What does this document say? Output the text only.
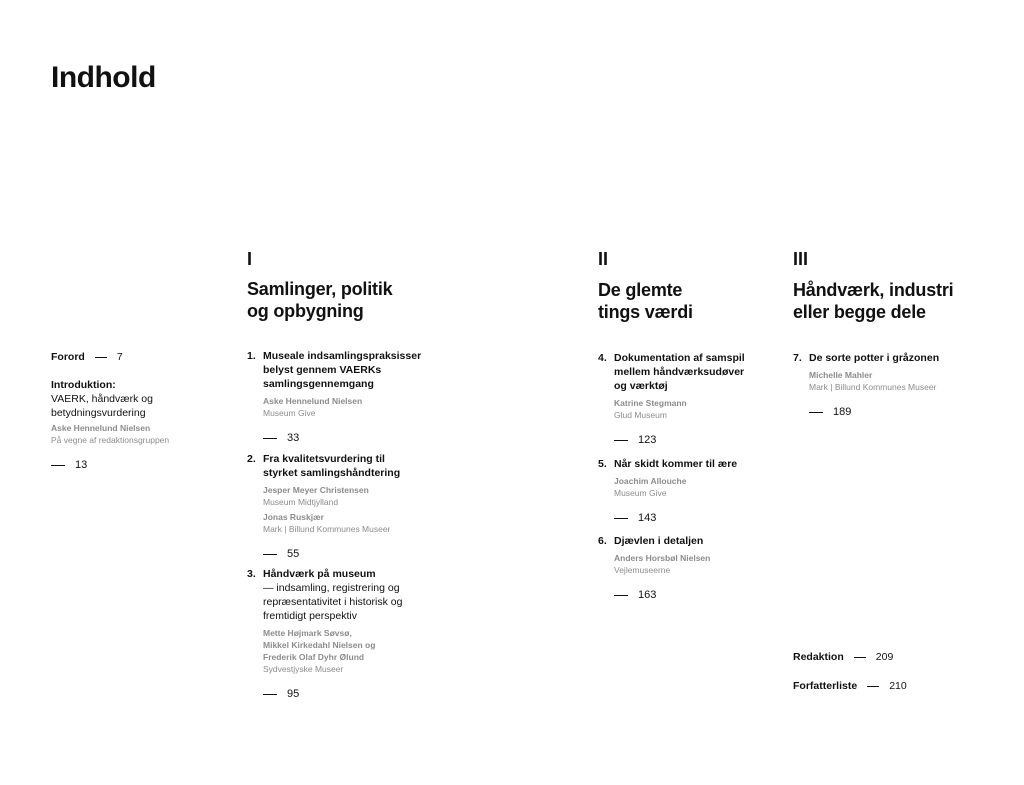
Indhold
Forord	7
Introduktion:
VAERK, håndværk og
betydningsvurdering
Aske Hennelund Nielsen
På vegne af redaktionsgruppen
13
I
Samlinger, politik
og opbygning
1. Museale indsamlingspraksisser
belyst gennem VAERKs
samlingsgennemgang
Aske Hennelund Nielsen
Museum Give
33
2. Fra kvalitetsvurdering til
styrket samlingshåndtering
Jesper Meyer Christensen
Museum Midtjylland
Jonas Ruskjær
Mark | Billund Kommunes Museer
55
3. Håndværk på museum
— indsamling, registrering og
repræsentativitet i historisk og
fremtidigt perspektiv
Mette Højmark Søvsø,
Mikkel Kirkedahl Nielsen og
Frederik Olaf Dyhr Ølund
Sydvestjyske Museer
95
II
De glemte
tings værdi
4. Dokumentation af samspil
mellem håndværksudøver
og værktøj
Katrine Stegmann
Glud Museum
123
5. Når skidt kommer til ære
Joachim Allouche
Museum Give
143
6. Djævlen i detaljen
Anders Horsbøl Nielsen
Vejlemuseerne
163
III
Håndværk, industri
eller begge dele
7. De sorte potter i gråzonen
Michelle Mahler
Mark | Billund Kommunes Museer
189
Redaktion	209
Forfatterliste	210
